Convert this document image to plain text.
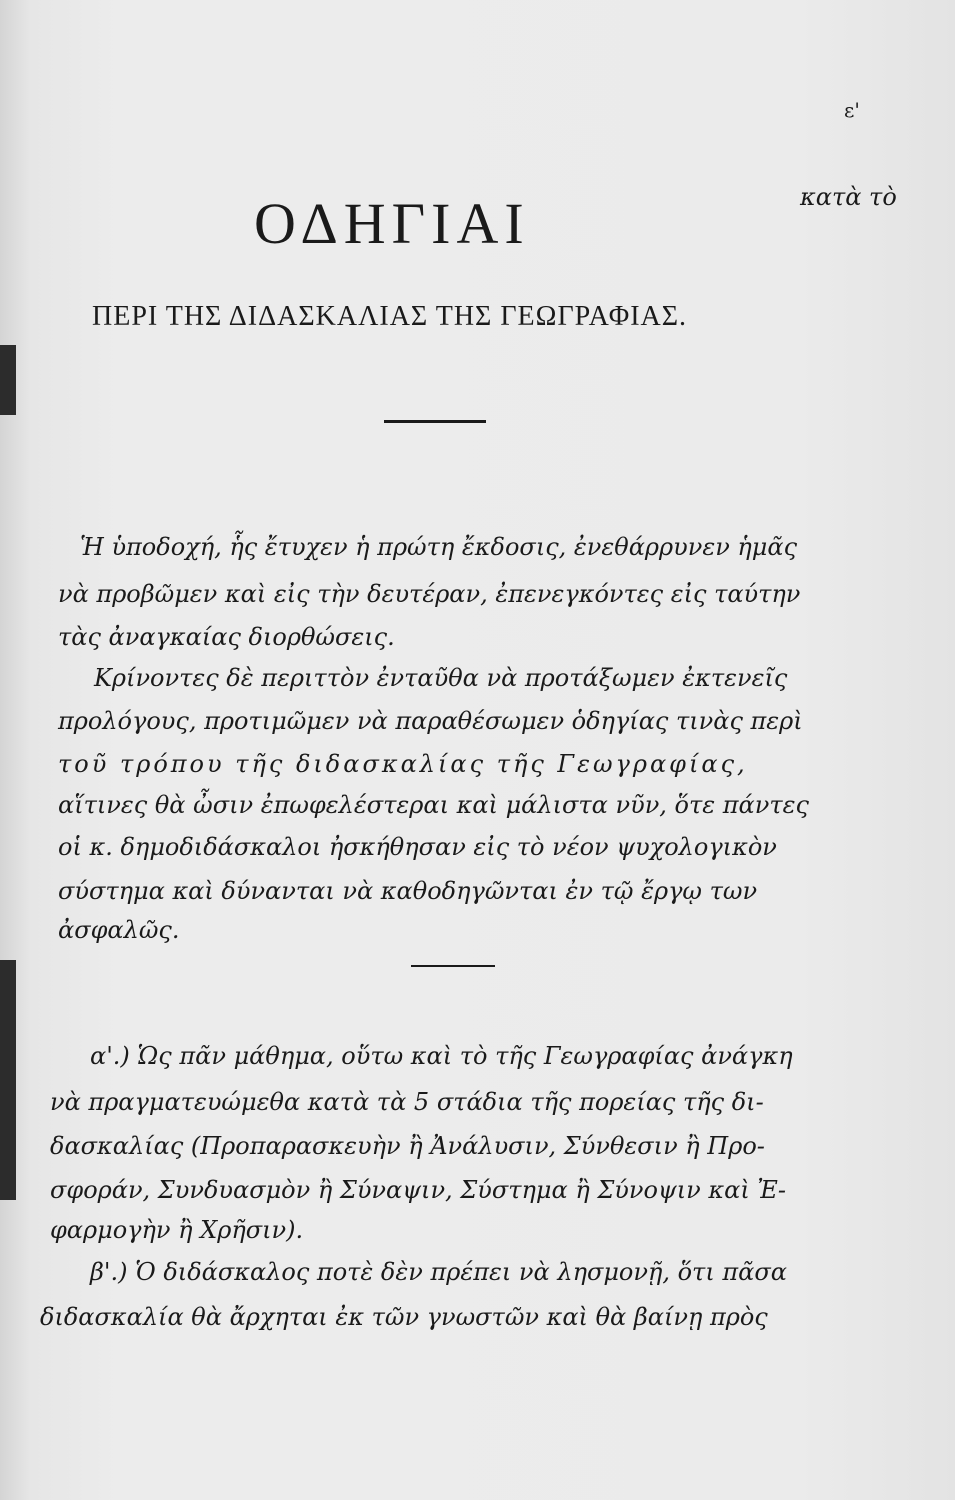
ε'
κατὰ τὸ
ΟΔΗΓΙΑΙ
ΠΕΡΙ ΤΗΣ ΔΙΔΑΣΚΑΛΙΑΣ ΤΗΣ ΓΕΩΓΡΑΦΙΑΣ.
Ἡ ὑποδοχή, ἧς ἔτυχεν ἡ πρώτη ἔκδοσις, ἐνεθάρρυνεν ἡμᾶς
νὰ προβῶμεν καὶ εἰς τὴν δευτέραν, ἐπενεγκόντες εἰς ταύτην
τὰς ἀναγκαίας διορθώσεις.
Κρίνοντες δὲ περιττὸν ἐνταῦθα νὰ προτάξωμεν ἐκτενεῖς
προλόγους, προτιμῶμεν νὰ παραθέσωμεν ὁδηγίας τινὰς περὶ
τοῦ τρόπου τῆς διδασκαλίας τῆς Γεωγραφίας,
αἵτινες θὰ ὦσιν ἐπωφελέστεραι καὶ μάλιστα νῦν, ὅτε πάντες
οἱ κ. δημοδιδάσκαλοι ἠσκήθησαν εἰς τὸ νέον ψυχολογικὸν
σύστημα καὶ δύνανται νὰ καθοδηγῶνται ἐν τῷ ἔργῳ των
ἀσφαλῶς.
α'.) Ὡς πᾶν μάθημα, οὕτω καὶ τὸ τῆς Γεωγραφίας ἀνάγκη
νὰ πραγματευώμεθα κατὰ τὰ 5 στάδια τῆς πορείας τῆς δι-
δασκαλίας (Προπαρασκευὴν ἢ Ἀνάλυσιν, Σύνθεσιν ἢ Προ-
σφοράν, Συνδυασμὸν ἢ Σύναψιν, Σύστημα ἢ Σύνοψιν καὶ Ἐ-
φαρμογὴν ἢ Χρῆσιν).
β'.) Ὁ διδάσκαλος ποτὲ δὲν πρέπει νὰ λησμονῇ, ὅτι πᾶσα
διδασκαλία θὰ ἄρχηται ἐκ τῶν γνωστῶν καὶ θὰ βαίνῃ πρὸς
